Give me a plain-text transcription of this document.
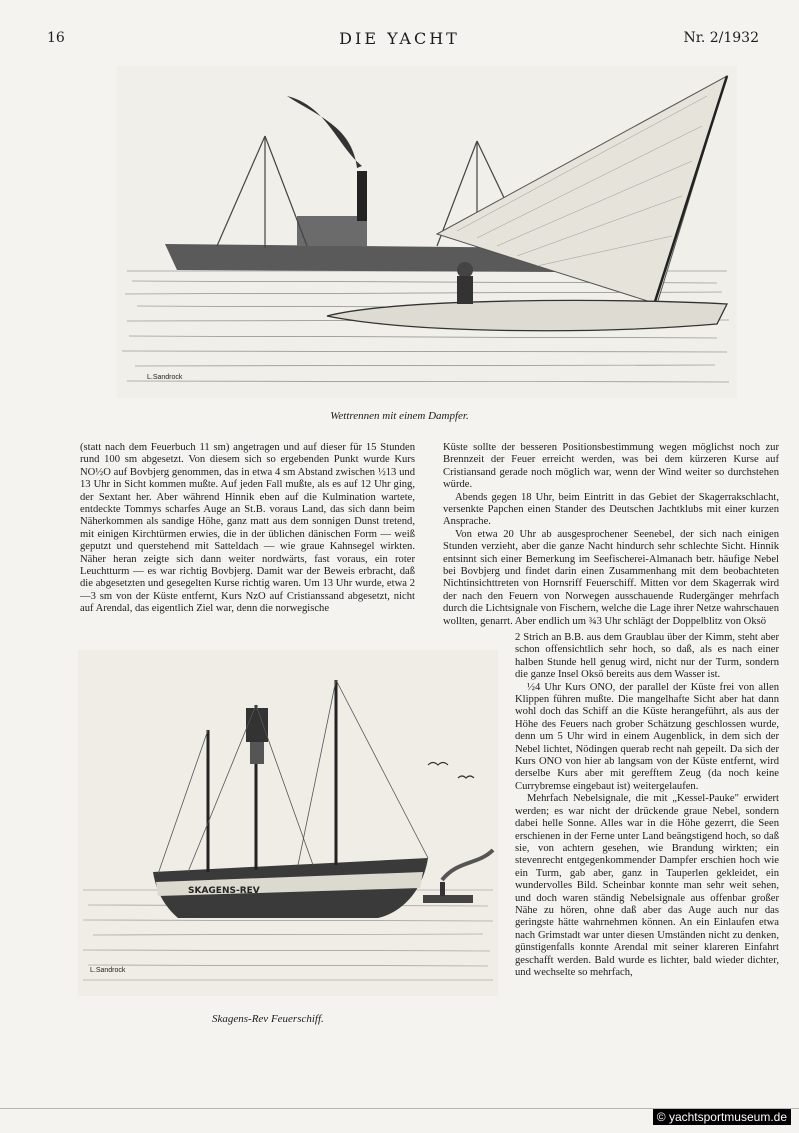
16	DIE YACHT	Nr. 2/1932
L.Sandrock
Wettrennen mit einem Dampfer.

(statt nach dem Feuerbuch 11 sm) angetragen und auf dieser für 15 Stunden rund 100 sm abgesetzt. Von diesem sich so ergebenden Punkt wurde Kurs NO½O auf Bovbjerg genommen, das in etwa 4 sm Abstand zwischen ½13 und 13 Uhr in Sicht kommen mußte. Auf jeden Fall mußte, als es auf 12 Uhr ging, der Sextant her. Aber während Hinnik eben auf die Kulmination wartete, entdeckte Tommys scharfes Auge an St.B. voraus Land, das sich dann beim Näherkommen als sandige Höhe, ganz matt aus dem sonnigen Dunst tretend, mit einigen Kirchtürmen erwies, die in der üblichen dänischen Form — weiß geputzt und querstehend mit Satteldach — wie graue Kahnsegel wirkten. Näher heran zeigte sich dann weiter nordwärts, fast voraus, ein roter Leuchtturm — es war richtig Bovbjerg. Damit war der Beweis erbracht, daß die abgesetzten und gesegelten Kurse richtig waren. Um 13 Uhr wurde, etwa 2—3 sm von der Küste entfernt, Kurs NzO auf Cristianssand abgesetzt, nicht auf Arendal, das eigentlich Ziel war, denn die norwegische

SKAGENS-REV
L.Sandrock
Skagens-Rev Feuerschiff.

Küste sollte der besseren Positionsbestimmung wegen möglichst noch zur Brennzeit der Feuer erreicht werden, was bei dem kürzeren Kurse auf Cristiansand gerade noch möglich war, wenn der Wind weiter so durchstehen würde.

Abends gegen 18 Uhr, beim Eintritt in das Gebiet der Skagerrakschlacht, versenkte Papchen einen Stander des Deutschen Jachtklubs mit einer kurzen Ansprache.

Von etwa 20 Uhr ab ausgesprochener Seenebel, der sich nach einigen Stunden verzieht, aber die ganze Nacht hindurch sehr schlechte Sicht. Hinnik entsinnt sich einer Bemerkung im Seefischerei-Almanach betr. häufige Nebel bei Bovbjerg und findet darin einen Zusammenhang mit dem beobachteten Nichtinsichttreten von Hornsriff Feuerschiff. Mitten vor dem Skagerrak wird der nach den Feuern von Norwegen ausschauende Rudergänger mehrfach durch die Lichtsignale von Fischern, welche die Lage ihrer Netze wahrschauen wollten, genarrt. Aber endlich um ¾3 Uhr schlägt der Doppelblitz von Oksö

2 Strich an B.B. aus dem Graublau über der Kimm, steht aber schon offensichtlich sehr hoch, so daß, als es nach einer halben Stunde hell genug wird, nicht nur der Turm, sondern die ganze Insel Oksö bereits aus dem Wasser ist.

½4 Uhr Kurs ONO, der parallel der Küste frei von allen Klippen führen mußte. Die mangelhafte Sicht aber hat dann wohl doch das Schiff an die Küste herangeführt, als aus der Höhe des Feuers nach grober Schätzung geschlossen wurde, denn um 5 Uhr wird in einem Augenblick, in dem sich der Nebel lichtet, Nödingen querab recht nah gepeilt. Da sich der Kurs ONO von hier ab langsam von der Küste entfernt, wird derselbe Kurs aber mit gerefftem Zeug (da noch keine Currybremse eingebaut ist) weitergelaufen.

Mehrfach Nebelsignale, die mit „Kessel-Pauke" erwidert werden; es war nicht der drückende graue Nebel, sondern dabei helle Sonne. Alles war in die Höhe gezerrt, die Seen erschienen in der Ferne unter Land beängstigend hoch, so daß sie, von achtern gesehen, wie Brandung wirkten; ein stevenrecht entgegenkommender Dampfer erschien hoch wie ein Turm, gab aber, ganz in Tauperlen gekleidet, ein wundervolles Bild. Scheinbar konnte man sehr weit sehen, und doch waren ständig Nebelsignale aus offenbar großer Nähe zu hören, ohne daß aber das Auge auch nur das geringste hätte wahrnehmen können. An ein Einlaufen etwa nach Grimstadt war unter diesen Umständen nicht zu denken, günstigenfalls konnte Arendal mit seiner klareren Einfahrt geschafft werden. Bald wurde es lichter, bald wieder dichter, und wechselte so mehrfach,

© yachtsportmuseum.de
